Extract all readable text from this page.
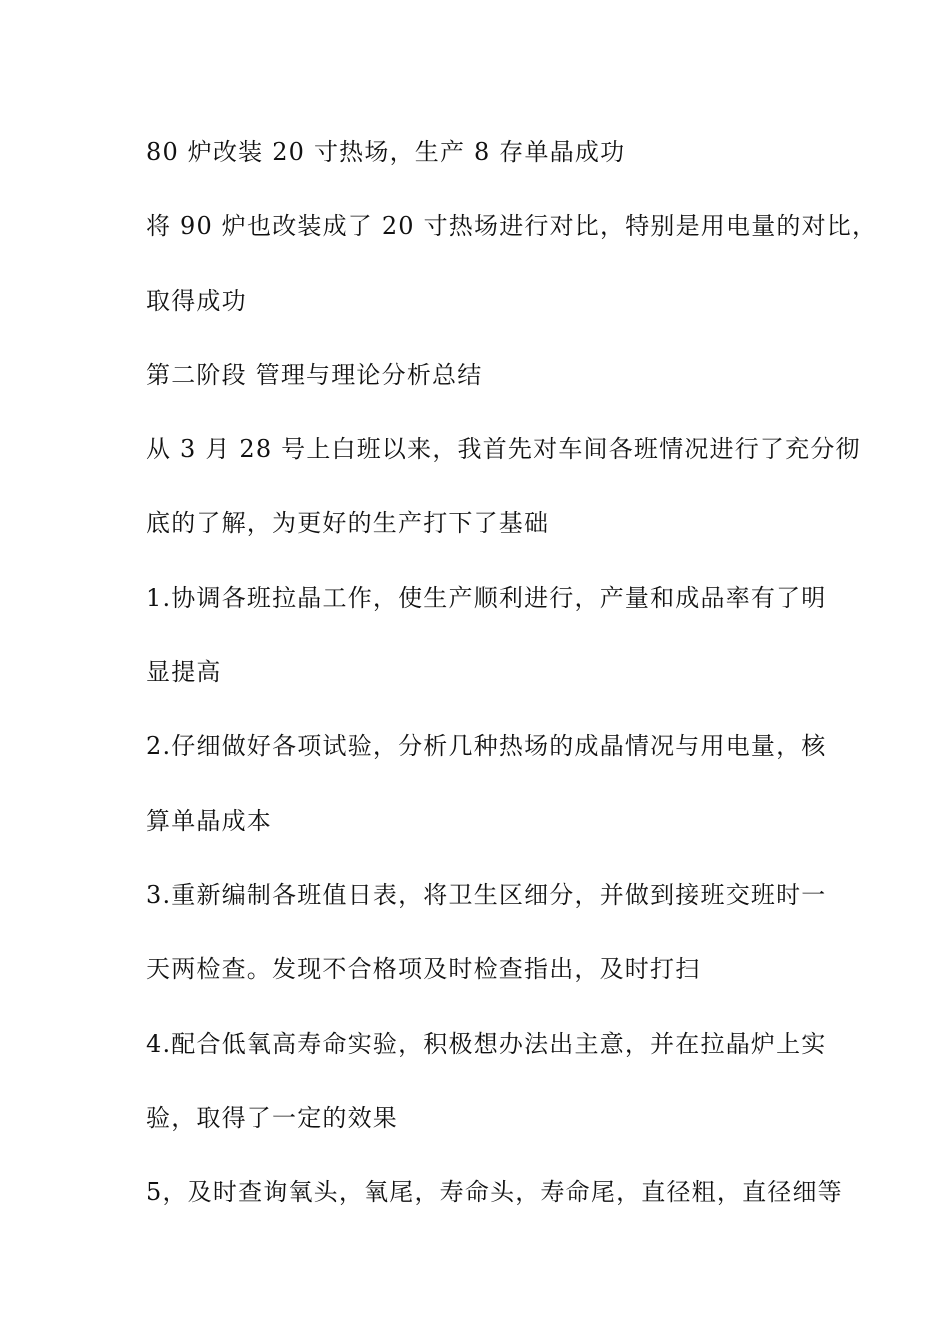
80 炉改装 20 寸热场，生产 8 存单晶成功
将 90 炉也改装成了 20 寸热场进行对比，特别是用电量的对比，
取得成功
第二阶段 管理与理论分析总结
从 3 月 28 号上白班以来，我首先对车间各班情况进行了充分彻
底的了解，为更好的生产打下了基础
1.协调各班拉晶工作，使生产顺利进行，产量和成品率有了明
显提高
2.仔细做好各项试验，分析几种热场的成晶情况与用电量，核
算单晶成本
3.重新编制各班值日表，将卫生区细分，并做到接班交班时一
天两检查。发现不合格项及时检查指出，及时打扫
4.配合低氧高寿命实验，积极想办法出主意，并在拉晶炉上实
验，取得了一定的效果
5，及时查询氧头，氧尾，寿命头，寿命尾，直径粗，直径细等
